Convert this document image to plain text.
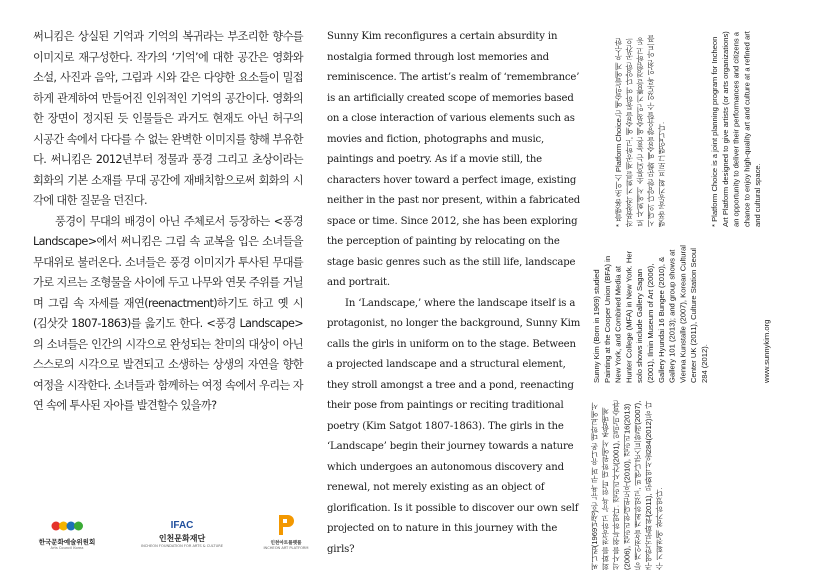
써니킴은 상실된 기억과 기억의 복귀라는 부조리한 향수를 이미지로 재구성한다. 작가의 ‘기억’에 대한 공간은 영화와 소설, 사진과 음악, 그림과 시와 같은 다양한 요소들이 밀접하게 관계하여 만들어진 인위적인 기억의 공간이다. 영화의 한 장면이 정지된 듯 인물들은 과거도 현재도 아닌 허구의 시공간 속에서 다다를 수 없는 완벽한 이미지를 향해 부유한다. 써니킴은 2012년부터 정물과 풍경 그리고 초상이라는 회화의 기본 소재를 무대 공간에 재배치함으로써 회화의 시각에 대한 질문을 던진다.

풍경이 무대의 배경이 아닌 주체로서 등장하는 <풍경 Landscape>에서 써니킴은 그림 속 교복을 입은 소녀들을 무대위로 불러온다. 소녀들은 풍경 이미지가 투사된 무대를 가로 지르는 조형물을 사이에 두고 나무와 연못 주위를 거닐며 그림 속 자세를 재연(reenactment)하기도 하고 옛 시(김삿갓 1807-1863)를 읊기도 한다. <풍경 Landscape>의 소녀들은 인간의 시각으로 완성되는 찬미의 대상이 아닌 스스로의 시각으로 발견되고 소생하는 상생의 자연을 향한 여정을 시작한다. 소녀들과 함께하는 여정 속에서 우리는 자연 속에 투사된 자아를 발견할수 있을까?

Sunny Kim reconfigures a certain absurdity in nostalgia formed through lost memories and reminiscence. The artist’s realm of ‘remembrance’ is an artificially created scope of memories based on a close interaction of various elements such as movies and fiction, photographs and music, paintings and poetry. As if a movie still, the characters hover toward a perfect image, existing neither in the past nor present, within a fabricated space or time. Since 2012, she has been exploring the perception of painting by relocating on the stage basic genres such as the still life, landscape and portrait.

In ‘Landscape,’ where the landscape itself is a protagonist, no longer the background, Sunny Kim calls the girls in uniform on to the stage. Between a projected landscape and a structural element, they stroll amongst a tree and a pond, reenacting their pose from paintings or reciting traditional poetry (Kim Satgot 1807-1863). The girls in the ‘Landscape’ begin their journey towards a nature which undergoes an autonomous discovery and renewal, not merely existing as an object of glorification. Is it possible to discover our own self projected on to nature in this journey with the girls?	써니킴(1969년생)은 뉴욕 쿠퍼 유니온 대학교에서 회화를 전공하고 뉴욕 헌터 대학원에서 종합매체 석사를 취득하였다. 갤러리사간(2001), 일민미술관(2006), 갤러리현대윈도우(2010), 갤러리16(2013) 등 개인전을 개최하였고, 비엔나쿤스트할레(2007), 주영한국문화원(2011), 문화역서울284(2012)등 다수 기획전에 참가하였다.
Sunny Kim (Born in 1969) studied Painting at the Cooper Union (BFA) in New York, and Combined Media at Hunter College (MFA) in New York. Her solo shows include Gallery Sagan (2001), Ilmin Museum of Art (2006), Gallery Hyundai 16 Bungee (2010), & Gallery 101 (2013); and group shows at Vienna Kunstalle (2007), Korean Cultural Center UK (2011), Culture Station Seoul 284 (2012).	www.sunnykim.org
* 플랫폼 초이스 Platform Choice는 예술인들에게 우수한 작품창작 기회를 제공하고, 예술을 통하여 다양한 공간으로 사회에서 소통되는 높은 예술적인 기쁨을 경험하고 동시대의 다양한 문화 예술을 향유할 수 있도록 인천 아트플랫폼 공동기획 프로그램입니다.	* Platform Choice is a joint planning program for Incheon Art Platform designed to give artists (or arts organizations) an opportunity to deliver their performances and citizens a chance to enjoy high-quality art and culture at a refined art and cultural space.
한국문화예술위원회
Arts Council Korea
IFAC
인천문화재단
INCHEON FOUNDATION FOR ARTS & CULTURE	인천아트플랫폼
INCHEON ART PLATFORM
